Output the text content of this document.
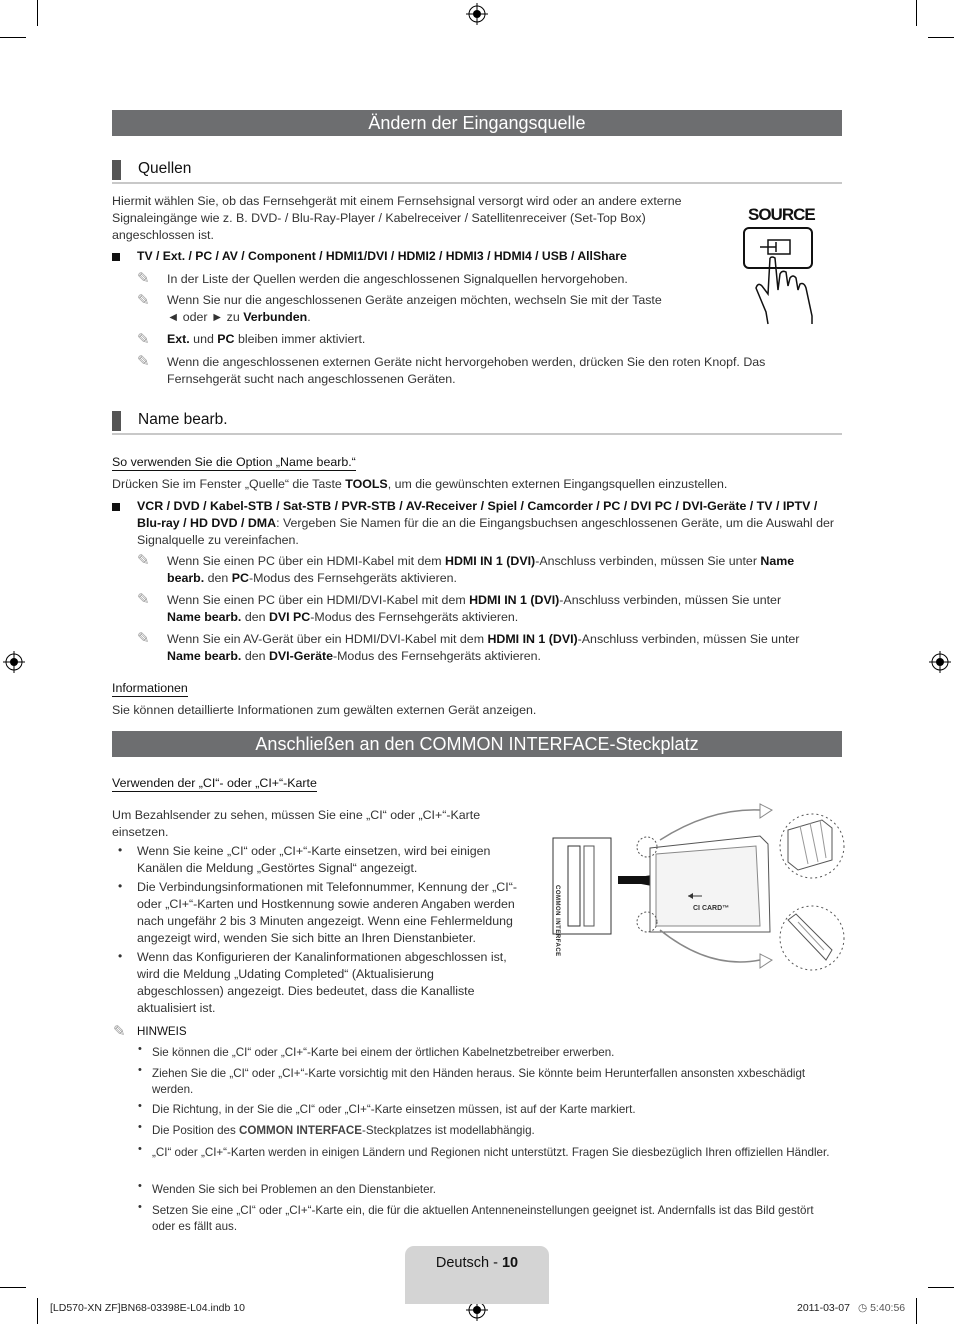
Ändern der Eingangsquelle
Quellen
Hiermit wählen Sie, ob das Fernsehgerät mit einem Fernsehsignal versorgt wird oder an andere externe Signaleingänge wie z. B. DVD- / Blu-Ray-Player / Kabelreceiver / Satellitenreceiver (Set-Top Box) angeschlossen ist.
TV / Ext. / PC / AV / Component / HDMI1/DVI / HDMI2 / HDMI3 / HDMI4 / USB / AllShare
✎ In der Liste der Quellen werden die angeschlossenen Signalquellen hervorgehoben.
✎ Wenn Sie nur die angeschlossenen Geräte anzeigen möchten, wechseln Sie mit der Taste
◄ oder ► zu Verbunden.
✎ Ext. und PC bleiben immer aktiviert.
✎ Wenn die angeschlossenen externen Geräte nicht hervorgehoben werden, drücken Sie den roten Knopf. Das Fernsehgerät sucht nach angeschlossenen Geräten.
SOURCE
Name bearb.
So verwenden Sie die Option „Name bearb.“
Drücken Sie im Fenster „Quelle“ die Taste TOOLS, um die gewünschten externen Eingangsquellen einzustellen.
VCR / DVD / Kabel-STB / Sat-STB / PVR-STB / AV-Receiver / Spiel / Camcorder / PC / DVI PC / DVI-Geräte / TV / IPTV / Blu-ray / HD DVD / DMA: Vergeben Sie Namen für die an die Eingangsbuchsen angeschlossenen Geräte, um die Auswahl der Signalquelle zu vereinfachen.
✎ Wenn Sie einen PC über ein HDMI-Kabel mit dem HDMI IN 1 (DVI)-Anschluss verbinden, müssen Sie unter Name
bearb. den PC-Modus des Fernsehgeräts aktivieren.
✎ Wenn Sie einen PC über ein HDMI/DVI-Kabel mit dem HDMI IN 1 (DVI)-Anschluss verbinden, müssen Sie unter
Name bearb. den DVI PC-Modus des Fernsehgeräts aktivieren.
✎ Wenn Sie ein AV-Gerät über ein HDMI/DVI-Kabel mit dem HDMI IN 1 (DVI)-Anschluss verbinden, müssen Sie unter
Name bearb. den DVI-Geräte-Modus des Fernsehgeräts aktivieren.
Informationen
Sie können detaillierte Informationen zum gewälten externen Gerät anzeigen.
Anschließen an den COMMON INTERFACE-Steckplatz
Verwenden der „CI“- oder „CI+“-Karte
Um Bezahlsender zu sehen, müssen Sie eine „CI“ oder „CI+“-Karte einsetzen.
• Wenn Sie keine „CI“ oder „CI+“-Karte einsetzen, wird bei einigen Kanälen die Meldung „Gestörtes Signal“ angezeigt.
• Die Verbindungsinformationen mit Telefonnummer, Kennung der „CI“- oder „CI+“-Karten und Hostkennung sowie anderen Angaben werden nach ungefähr 2 bis 3 Minuten angezeigt. Wenn eine Fehlermeldung angezeigt wird, wenden Sie sich bitte an Ihren Dienstanbieter.
• Wenn das Konfigurieren der Kanalinformationen abgeschlossen ist, wird die Meldung „Udating Completed“ (Aktualisierung abgeschlossen) angezeigt. Dies bedeutet, dass die Kanalliste aktualisiert ist.
COMMON INTERFACE	CI CARD™
✎ HINWEIS
• Sie können die „CI“ oder „CI+“-Karte bei einem der örtlichen Kabelnetzbetreiber erwerben.
• Ziehen Sie die „CI“ oder „CI+“-Karte vorsichtig mit den Händen heraus. Sie könnte beim Herunterfallen ansonsten xxbeschädigt werden.
• Die Richtung, in der Sie die „CI“ oder „CI+“-Karte einsetzen müssen, ist auf der Karte markiert.
• Die Position des COMMON INTERFACE-Steckplatzes ist modellabhängig.
• „CI“ oder „CI+“-Karten werden in einigen Ländern und Regionen nicht unterstützt. Fragen Sie diesbezüglich Ihren offiziellen Händler.
• Wenden Sie sich bei Problemen an den Dienstanbieter.
• Setzen Sie eine „CI“ oder „CI+“-Karte ein, die für die aktuellen Antenneneinstellungen geeignet ist. Andernfalls ist das Bild gestört oder es fällt aus.
Deutsch - 10
[LD570-XN ZF]BN68-03398E-L04.indb 10	2011-03-07 ◷ 5:40:56
